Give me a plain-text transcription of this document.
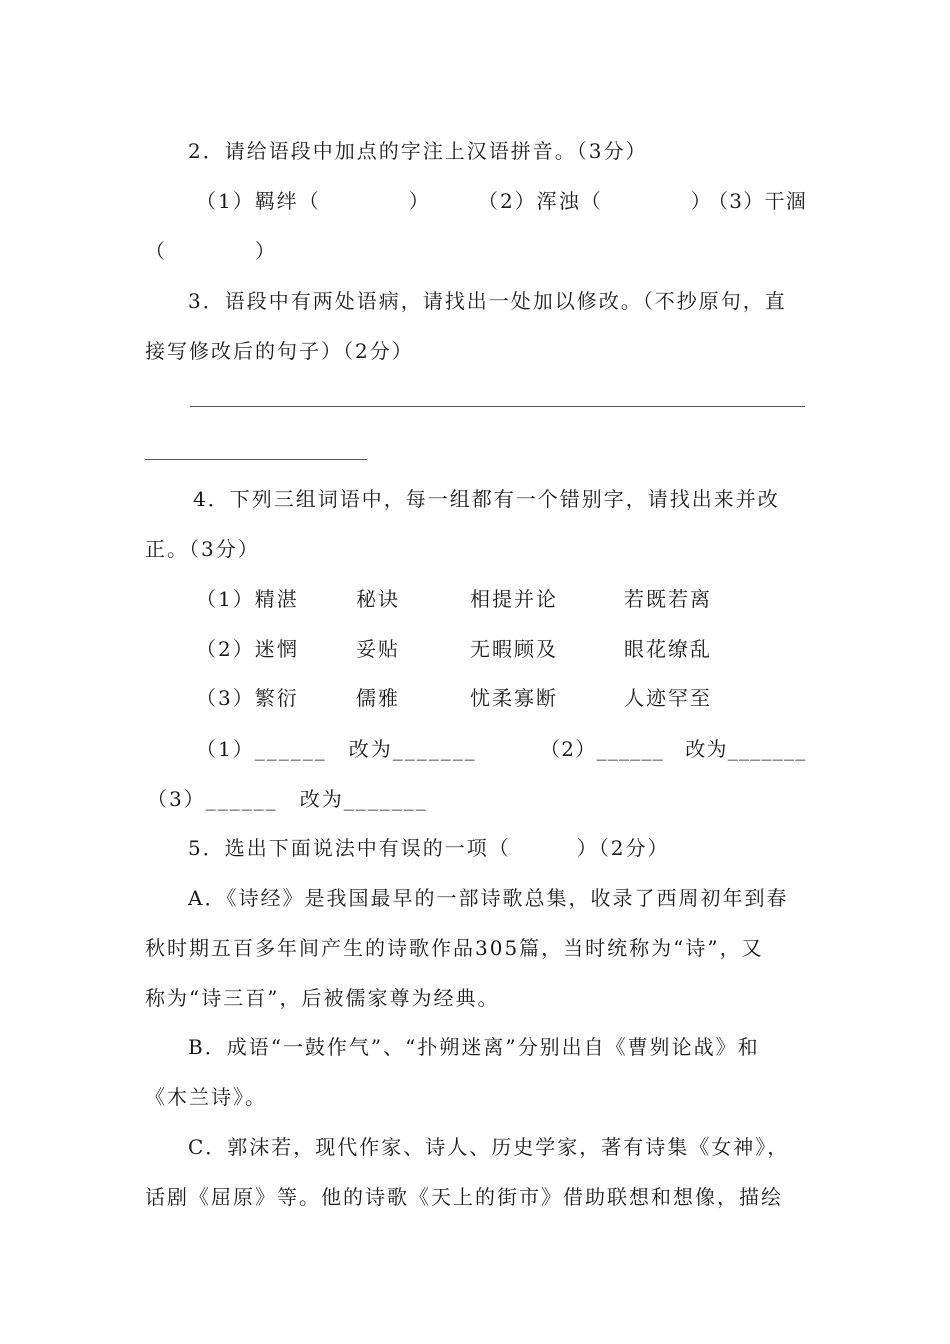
2．请给语段中加点的字注上汉语拼音。（3分）
（1）羁绊（　　　　） （2）浑浊（　　　　）
（3）干涸
（　　　　）
3．语段中有两处语病，请找出一处加以修改。（不抄原句，直
接写修改后的句子）（2分）
4．下列三组词语中，每一组都有一个错别字，请找出来并改
正。（3分）
（1）精湛	秘诀	相提并论	若既若离
（2）迷惘	妥贴	无暇顾及	眼花缭乱
（3）繁衍	儒雅	忧柔寡断	人迹罕至
（1）______　改为_______	（2）______　改为_______
（3）______　改为_______
5．选出下面说法中有误的一项（　　　）（2分）
A．《诗经》是我国最早的一部诗歌总集，收录了西周初年到春
秋时期五百多年间产生的诗歌作品305篇，当时统称为“诗”，又
称为“诗三百”，后被儒家尊为经典。
B．成语“一鼓作气”、“扑朔迷离”分别出自《曹刿论战》和
《木兰诗》。
C．郭沫若，现代作家、诗人、历史学家，著有诗集《女神》，
话剧《屈原》等。他的诗歌《天上的街市》借助联想和想像，描绘
